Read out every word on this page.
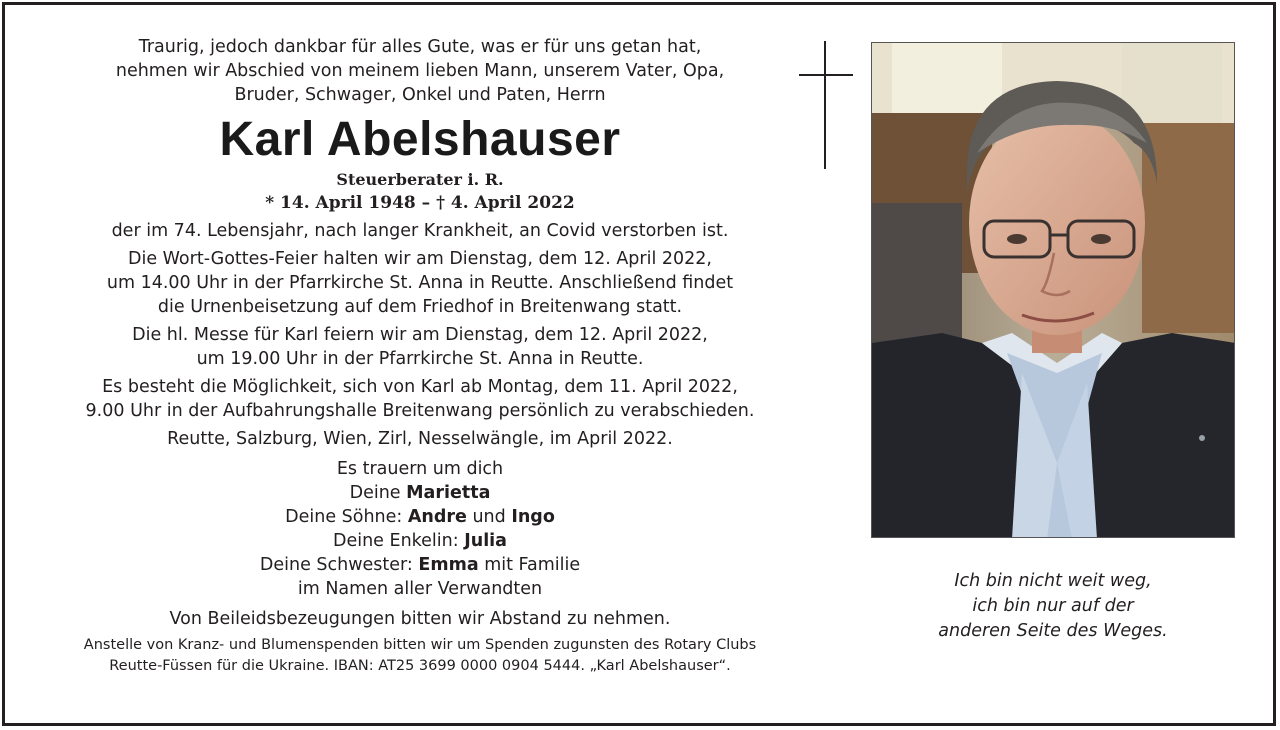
Traurig, jedoch dankbar für alles Gute, was er für uns getan hat,
nehmen wir Abschied von meinem lieben Mann, unserem Vater, Opa,
Bruder, Schwager, Onkel und Paten, Herrn
Karl Abelshauser
Steuerberater i. R.
* 14. April 1948 – † 4. April 2022
der im 74. Lebensjahr, nach langer Krankheit, an Covid verstorben ist.
Die Wort-Gottes-Feier halten wir am Dienstag, dem 12. April 2022,
um 14.00 Uhr in der Pfarrkirche St. Anna in Reutte. Anschließend findet
die Urnenbeisetzung auf dem Friedhof in Breitenwang statt.
Die hl. Messe für Karl feiern wir am Dienstag, dem 12. April 2022,
um 19.00 Uhr in der Pfarrkirche St. Anna in Reutte.
Es besteht die Möglichkeit, sich von Karl ab Montag, dem 11. April 2022,
9.00 Uhr in der Aufbahrungshalle Breitenwang persönlich zu verabschieden.
Reutte, Salzburg, Wien, Zirl, Nesselwängle, im April 2022.
Es trauern um dich
Deine Marietta
Deine Söhne: Andre und Ingo
Deine Enkelin: Julia
Deine Schwester: Emma mit Familie
im Namen aller Verwandten
Von Beileidsbezeugungen bitten wir Abstand zu nehmen.
Anstelle von Kranz- und Blumenspenden bitten wir um Spenden zugunsten des Rotary Clubs
Reutte-Füssen für die Ukraine. IBAN: AT25 3699 0000 0904 5444. „Karl Abelshauser“.
Ich bin nicht weit weg,
ich bin nur auf der
anderen Seite des Weges.
